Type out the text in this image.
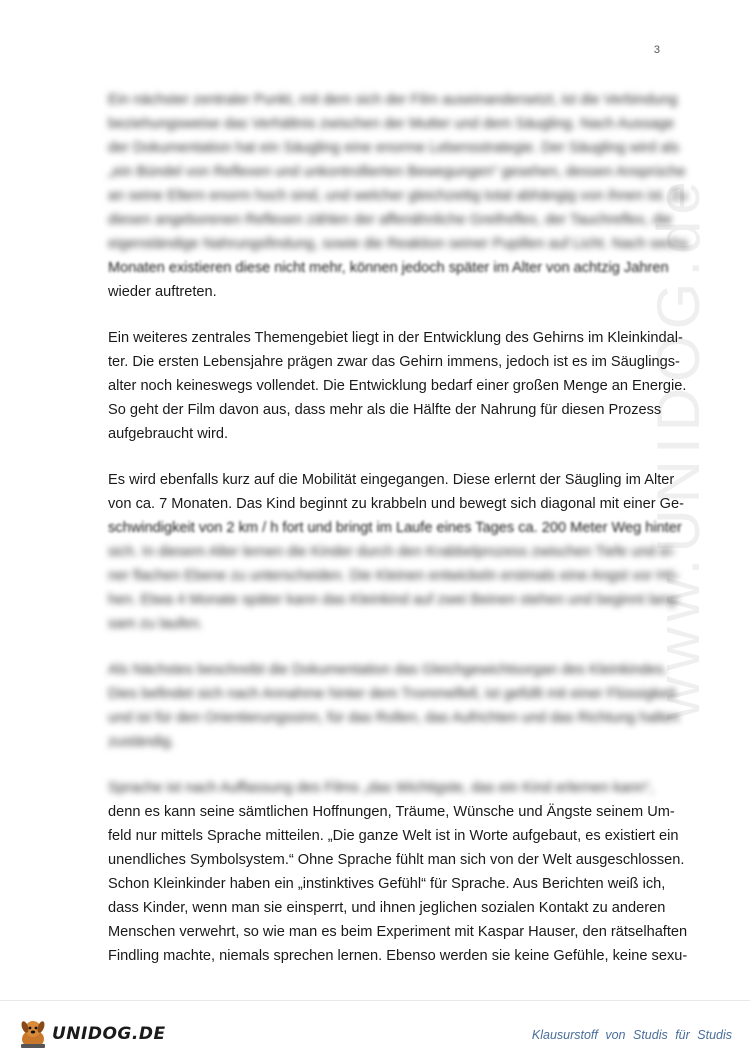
3
www.UNIDOG.de
Ein nächster zentraler Punkt, mit dem sich der Film auseinandersetzt, ist die Verbindung
beziehungsweise das Verhältnis zwischen der Mutter und dem Säugling. Nach Aussage
der Dokumentation hat ein Säugling eine enorme Lebensstrategie. Der Säugling wird als
„ein Bündel von Reflexen und unkontrollierten Bewegungen“ gesehen, dessen Ansprüche
an seine Eltern enorm hoch sind, und welcher gleichzeitig total abhängig von ihnen ist. Zu
diesen angeborenen Reflexen zählen der affenähnliche Greifreflex, der Tauchreflex, die
eigenständige Nahrungsfindung, sowie die Reaktion seiner Pupillen auf Licht. Nach sechs
Monaten existieren diese nicht mehr, können jedoch später im Alter von achtzig Jahren
wieder auftreten.
Ein weiteres zentrales Themengebiet liegt in der Entwicklung des Gehirns im Kleinkindal-
ter. Die ersten Lebensjahre prägen zwar das Gehirn immens, jedoch ist es im Säuglings-
alter noch keineswegs vollendet. Die Entwicklung bedarf einer großen Menge an Energie.
So geht der Film davon aus, dass mehr als die Hälfte der Nahrung für diesen Prozess
aufgebraucht wird.
Es wird ebenfalls kurz auf die Mobilität eingegangen. Diese erlernt der Säugling im Alter
von ca. 7 Monaten. Das Kind beginnt zu krabbeln und bewegt sich diagonal mit einer Ge-
schwindigkeit von 2 km / h fort und bringt im Laufe eines Tages ca. 200 Meter Weg hinter
sich. In diesem Alter lernen die Kinder durch den Krabbelprozess zwischen Tiefe und ei-
ner flachen Ebene zu unterscheiden. Die Kleinen entwickeln erstmals eine Angst vor Hö-
hen. Etwa 4 Monate später kann das Kleinkind auf zwei Beinen stehen und beginnt lang-
sam zu laufen.
Als Nächstes beschreibt die Dokumentation das Gleichgewichtsorgan des Kleinkindes.
Dies befindet sich nach Annahme hinter dem Trommelfell, ist gefüllt mit einer Flüssigkeit
und ist für den Orientierungssinn, für das Rollen, das Aufrichten und das Richtung halten
zuständig.
Sprache ist nach Auffassung des Films „das Wichtigste, das ein Kind erlernen kann“,
denn es kann seine sämtlichen Hoffnungen, Träume, Wünsche und Ängste seinem Um-
feld nur mittels Sprache mitteilen. „Die ganze Welt ist in Worte aufgebaut, es existiert ein
unendliches Symbolsystem.“ Ohne Sprache fühlt man sich von der Welt ausgeschlossen.
Schon Kleinkinder haben ein „instinktives Gefühl“ für Sprache. Aus Berichten weiß ich,
dass Kinder, wenn man sie einsperrt, und ihnen jeglichen sozialen Kontakt zu anderen
Menschen verwehrt, so wie man es beim Experiment mit Kaspar Hauser, den rätselhaften
Findling machte, niemals sprechen lernen. Ebenso werden sie keine Gefühle, keine sexu-
UNIDOG.DE	Klausurstoff von Studis für Studis
